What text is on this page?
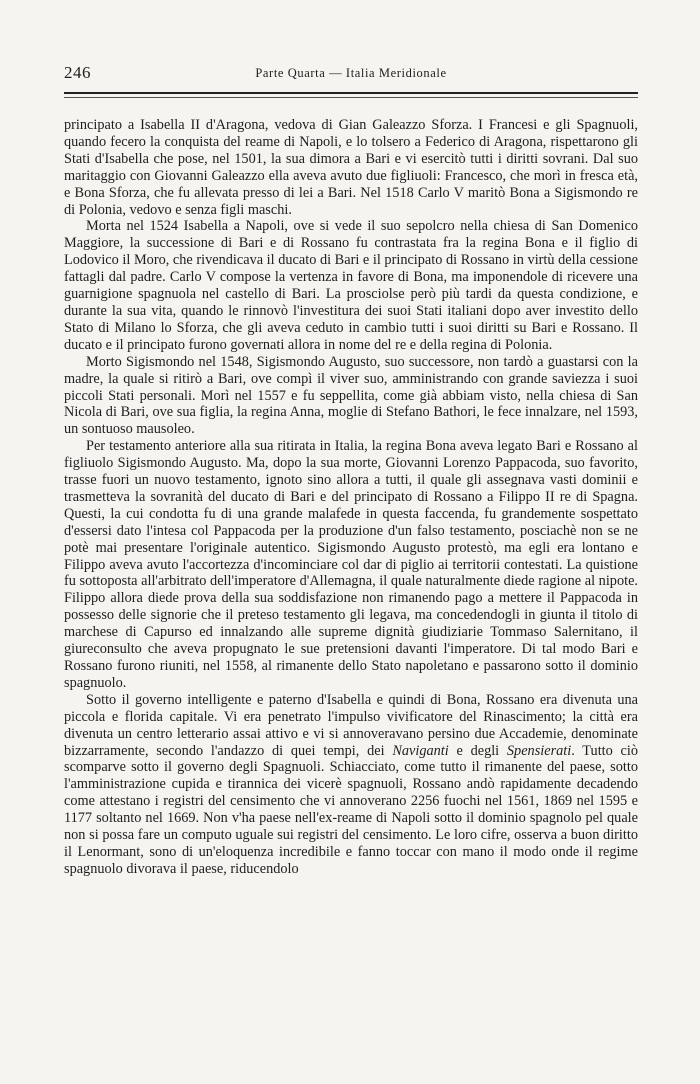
246	Parte Quarta — Italia Meridionale

principato a Isabella II d'Aragona, vedova di Gian Galeazzo Sforza. I Francesi e gli Spagnuoli, quando fecero la conquista del reame di Napoli, e lo tolsero a Federico di Aragona, rispettarono gli Stati d'Isabella che pose, nel 1501, la sua dimora a Bari e vi esercitò tutti i diritti sovrani. Dal suo maritaggio con Giovanni Galeazzo ella aveva avuto due figliuoli: Francesco, che morì in fresca età, e Bona Sforza, che fu allevata presso di lei a Bari. Nel 1518 Carlo V maritò Bona a Sigismondo re di Polonia, vedovo e senza figli maschi.

Morta nel 1524 Isabella a Napoli, ove si vede il suo sepolcro nella chiesa di San Domenico Maggiore, la successione di Bari e di Rossano fu contrastata fra la regina Bona e il figlio di Lodovico il Moro, che rivendicava il ducato di Bari e il principato di Rossano in virtù della cessione fattagli dal padre. Carlo V compose la vertenza in favore di Bona, ma imponendole di ricevere una guarnigione spagnuola nel castello di Bari. La prosciolse però più tardi da questa condizione, e durante la sua vita, quando le rinnovò l'investitura dei suoi Stati italiani dopo aver investito dello Stato di Milano lo Sforza, che gli aveva ceduto in cambio tutti i suoi diritti su Bari e Rossano. Il ducato e il principato furono governati allora in nome del re e della regina di Polonia.

Morto Sigismondo nel 1548, Sigismondo Augusto, suo successore, non tardò a guastarsi con la madre, la quale si ritirò a Bari, ove compì il viver suo, amministrando con grande saviezza i suoi piccoli Stati personali. Morì nel 1557 e fu seppellita, come già abbiam visto, nella chiesa di San Nicola di Bari, ove sua figlia, la regina Anna, moglie di Stefano Bathori, le fece innalzare, nel 1593, un sontuoso mausoleo.

Per testamento anteriore alla sua ritirata in Italia, la regina Bona aveva legato Bari e Rossano al figliuolo Sigismondo Augusto. Ma, dopo la sua morte, Giovanni Lorenzo Pappacoda, suo favorito, trasse fuori un nuovo testamento, ignoto sino allora a tutti, il quale gli assegnava vasti dominii e trasmetteva la sovranità del ducato di Bari e del principato di Rossano a Filippo II re di Spagna. Questi, la cui condotta fu di una grande malafede in questa faccenda, fu grandemente sospettato d'essersi dato l'intesa col Pappacoda per la produzione d'un falso testamento, posciachè non se ne potè mai presentare l'originale autentico. Sigismondo Augusto protestò, ma egli era lontano e Filippo aveva avuto l'accortezza d'incominciare col dar di piglio ai territorii contestati. La quistione fu sottoposta all'arbitrato dell'imperatore d'Allemagna, il quale naturalmente diede ragione al nipote. Filippo allora diede prova della sua soddisfazione non rimanendo pago a mettere il Pappacoda in possesso delle signorie che il preteso testamento gli legava, ma concedendogli in giunta il titolo di marchese di Capurso ed innalzando alle supreme dignità giudiziarie Tommaso Salernitano, il giureconsulto che aveva propugnato le sue pretensioni davanti l'imperatore. Di tal modo Bari e Rossano furono riuniti, nel 1558, al rimanente dello Stato napoletano e passarono sotto il dominio spagnuolo.

Sotto il governo intelligente e paterno d'Isabella e quindi di Bona, Rossano era divenuta una piccola e florida capitale. Vi era penetrato l'impulso vivificatore del Rinascimento; la città era divenuta un centro letterario assai attivo e vi si annoveravano persino due Accademie, denominate bizzarramente, secondo l'andazzo di quei tempi, dei Naviganti e degli Spensierati. Tutto ciò scomparve sotto il governo degli Spagnuoli. Schiacciato, come tutto il rimanente del paese, sotto l'amministrazione cupida e tirannica dei vicerè spagnuoli, Rossano andò rapidamente decadendo come attestano i registri del censimento che vi annoverano 2256 fuochi nel 1561, 1869 nel 1595 e 1177 soltanto nel 1669. Non v'ha paese nell'ex-reame di Napoli sotto il dominio spagnolo pel quale non si possa fare un computo uguale sui registri del censimento. Le loro cifre, osserva a buon diritto il Lenormant, sono di un'eloquenza incredibile e fanno toccar con mano il modo onde il regime spagnuolo divorava il paese, riducendolo
